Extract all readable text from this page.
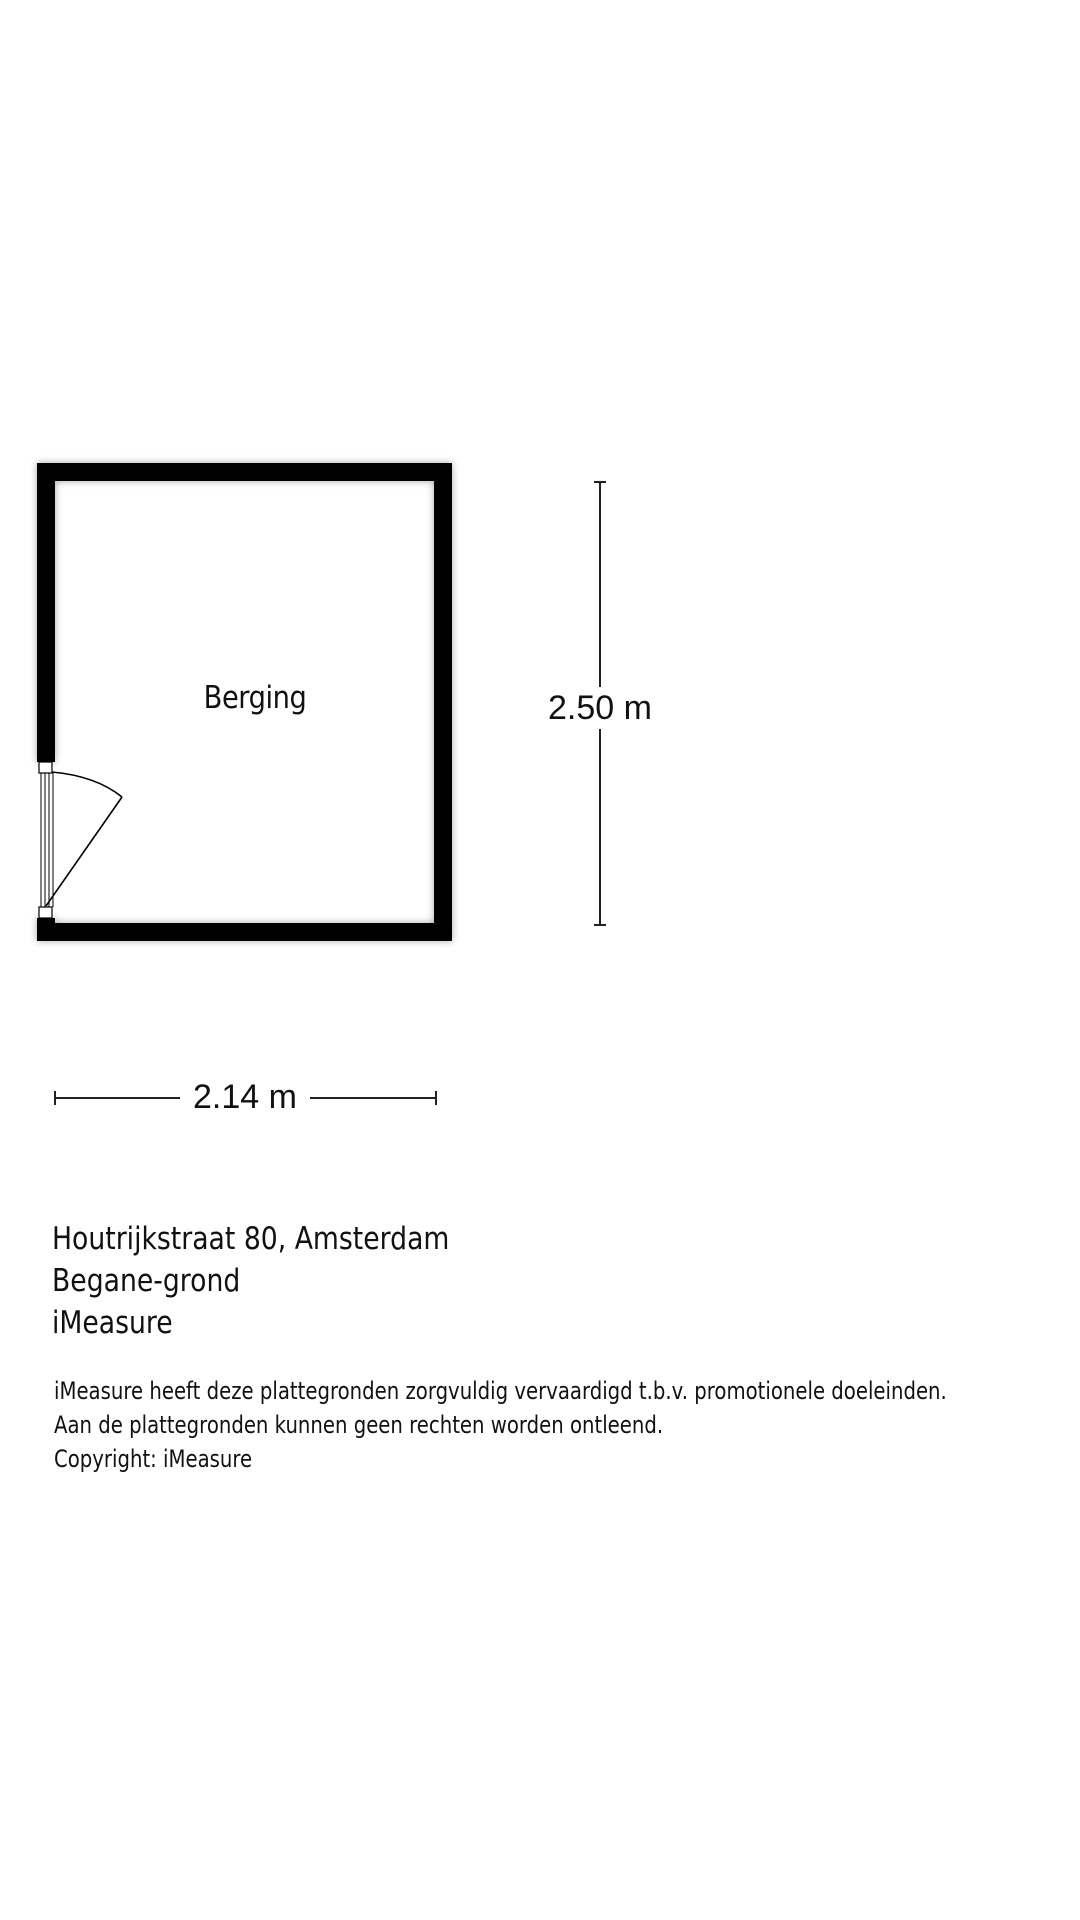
Berging	2.50 m
2.14 m
Houtrijkstraat 80, Amsterdam
Begane-grond
iMeasure
iMeasure heeft deze plattegronden zorgvuldig vervaardigd t.b.v. promotionele doeleinden.
Aan de plattegronden kunnen geen rechten worden ontleend.
Copyright: iMeasure
